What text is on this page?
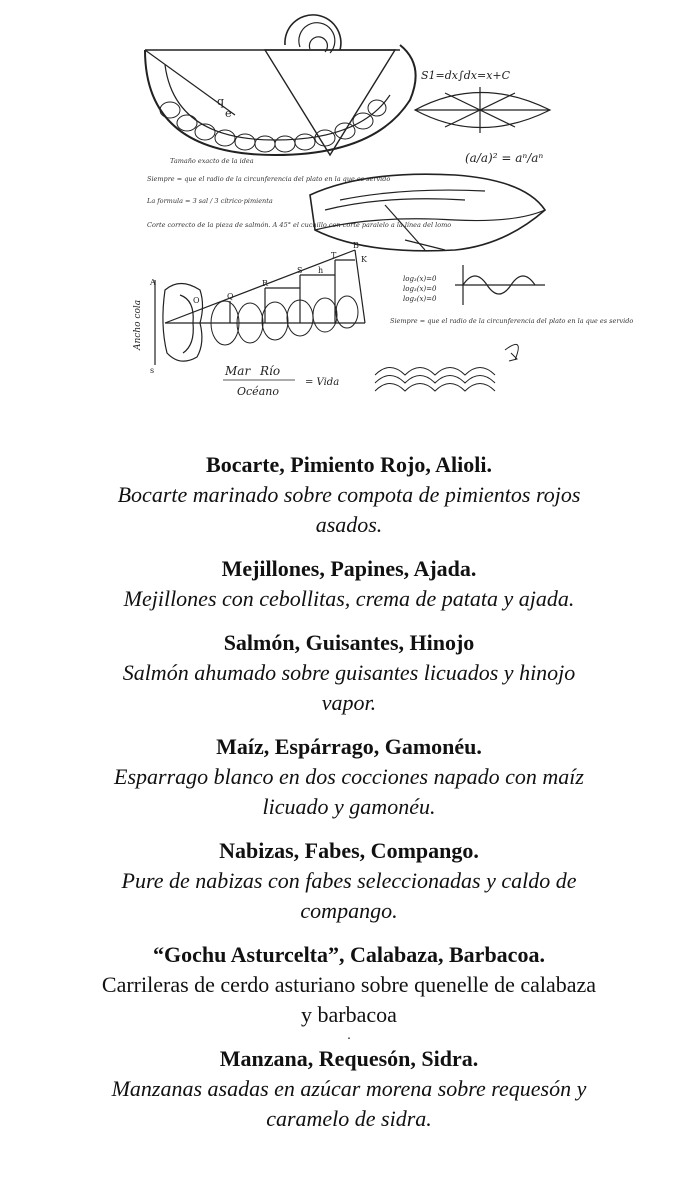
q
e
S1=dx∫dx=x+C
(a/a)² = aⁿ/aⁿ
Tamaño exacto de la idea
Siempre = que el radio de la circunferencia del plato en la que es servido
La formula = 3 sal / 3 cítrico·pimienta
Corte correcto de la pieza de salmón. A 45° el cuchillo con corte paralelo a la línea del lomo
Siempre = que el radio de la circunferencia del plato en la que es servido
log₃(x)=0
log₃(x)=0
log₃(x)=0
A
B
K
T
S
R
Q
O
h
s
Ancho cola
Mar Río
Océano
= Vida
Bocarte, Pimiento Rojo, Alioli.

Bocarte marinado sobre compota de pimientos rojos asados.

Mejillones, Papines, Ajada.

Mejillones con cebollitas, crema de patata y ajada.

Salmón, Guisantes, Hinojo

Salmón ahumado sobre guisantes licuados y hinojo vapor.

Maíz, Espárrago, Gamonéu.

Esparrago blanco en dos cocciones napado con maíz licuado y gamonéu.

Nabizas, Fabes, Compango.

Pure de nabizas con fabes seleccionadas y caldo de compango.

“Gochu Asturcelta”, Calabaza, Barbacoa.

Carrileras de cerdo asturiano sobre quenelle de calabaza y barbacoa

.
Manzana, Requesón, Sidra.

Manzanas asadas en azúcar morena sobre requesón y caramelo de sidra.
